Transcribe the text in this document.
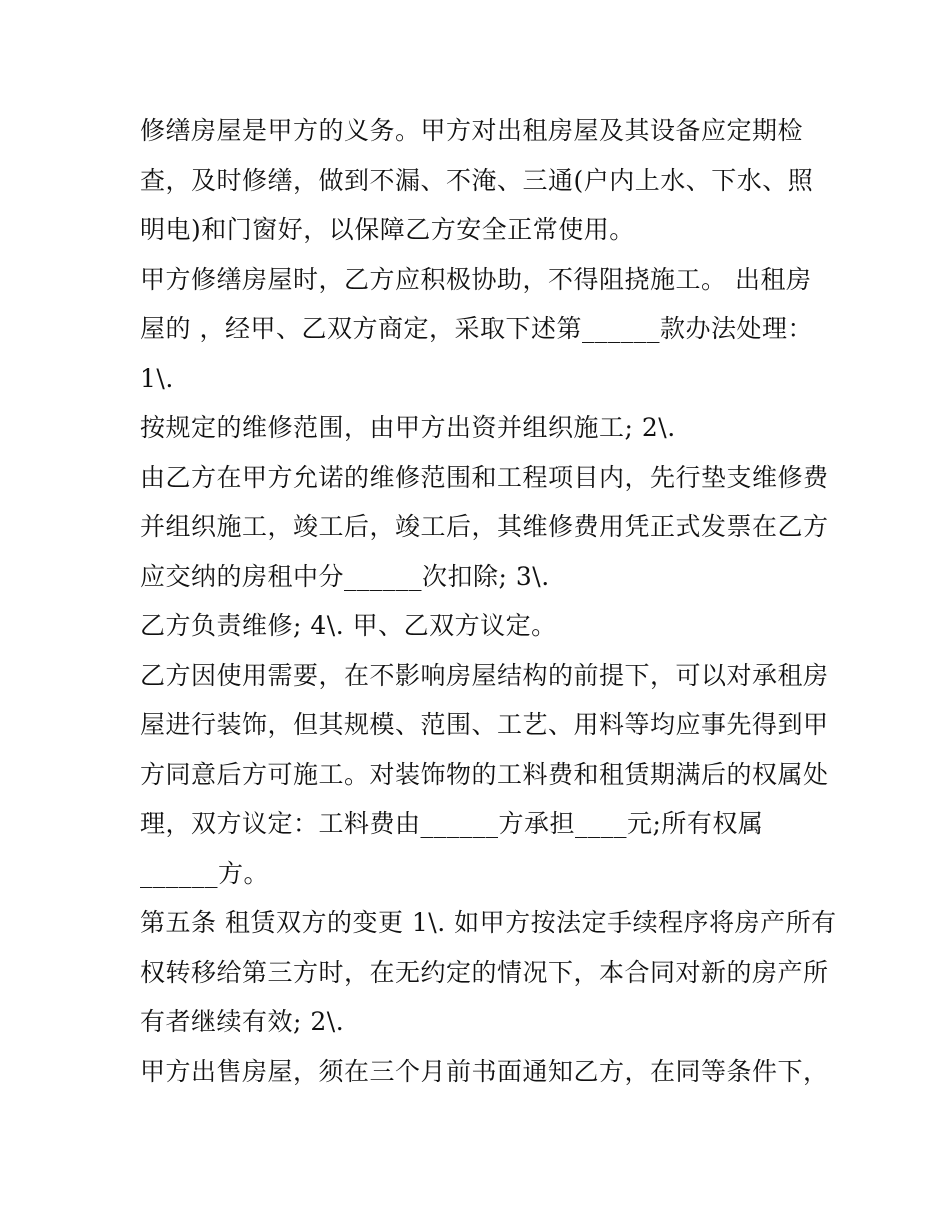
修缮房屋是甲方的义务。甲方对出租房屋及其设备应定期检
查，及时修缮，做到不漏、不淹、三通(户内上水、下水、照
明电)和门窗好，以保障乙方安全正常使用。
甲方修缮房屋时，乙方应积极协助，不得阻挠施工。 出租房
屋的 ，经甲、乙双方商定，采取下述第______款办法处理：
1\.
按规定的维修范围，由甲方出资并组织施工; 2\.
由乙方在甲方允诺的维修范围和工程项目内，先行垫支维修费
并组织施工，竣工后，竣工后，其维修费用凭正式发票在乙方
应交纳的房租中分______次扣除; 3\.
乙方负责维修; 4\. 甲、乙双方议定。
乙方因使用需要，在不影响房屋结构的前提下，可以对承租房
屋进行装饰，但其规模、范围、工艺、用料等均应事先得到甲
方同意后方可施工。对装饰物的工料费和租赁期满后的权属处
理，双方议定：工料费由______方承担____元;所有权属
______方。
第五条 租赁双方的变更 1\. 如甲方按法定手续程序将房产所有
权转移给第三方时，在无约定的情况下，本合同对新的房产所
有者继续有效; 2\.
甲方出售房屋，须在三个月前书面通知乙方，在同等条件下，
